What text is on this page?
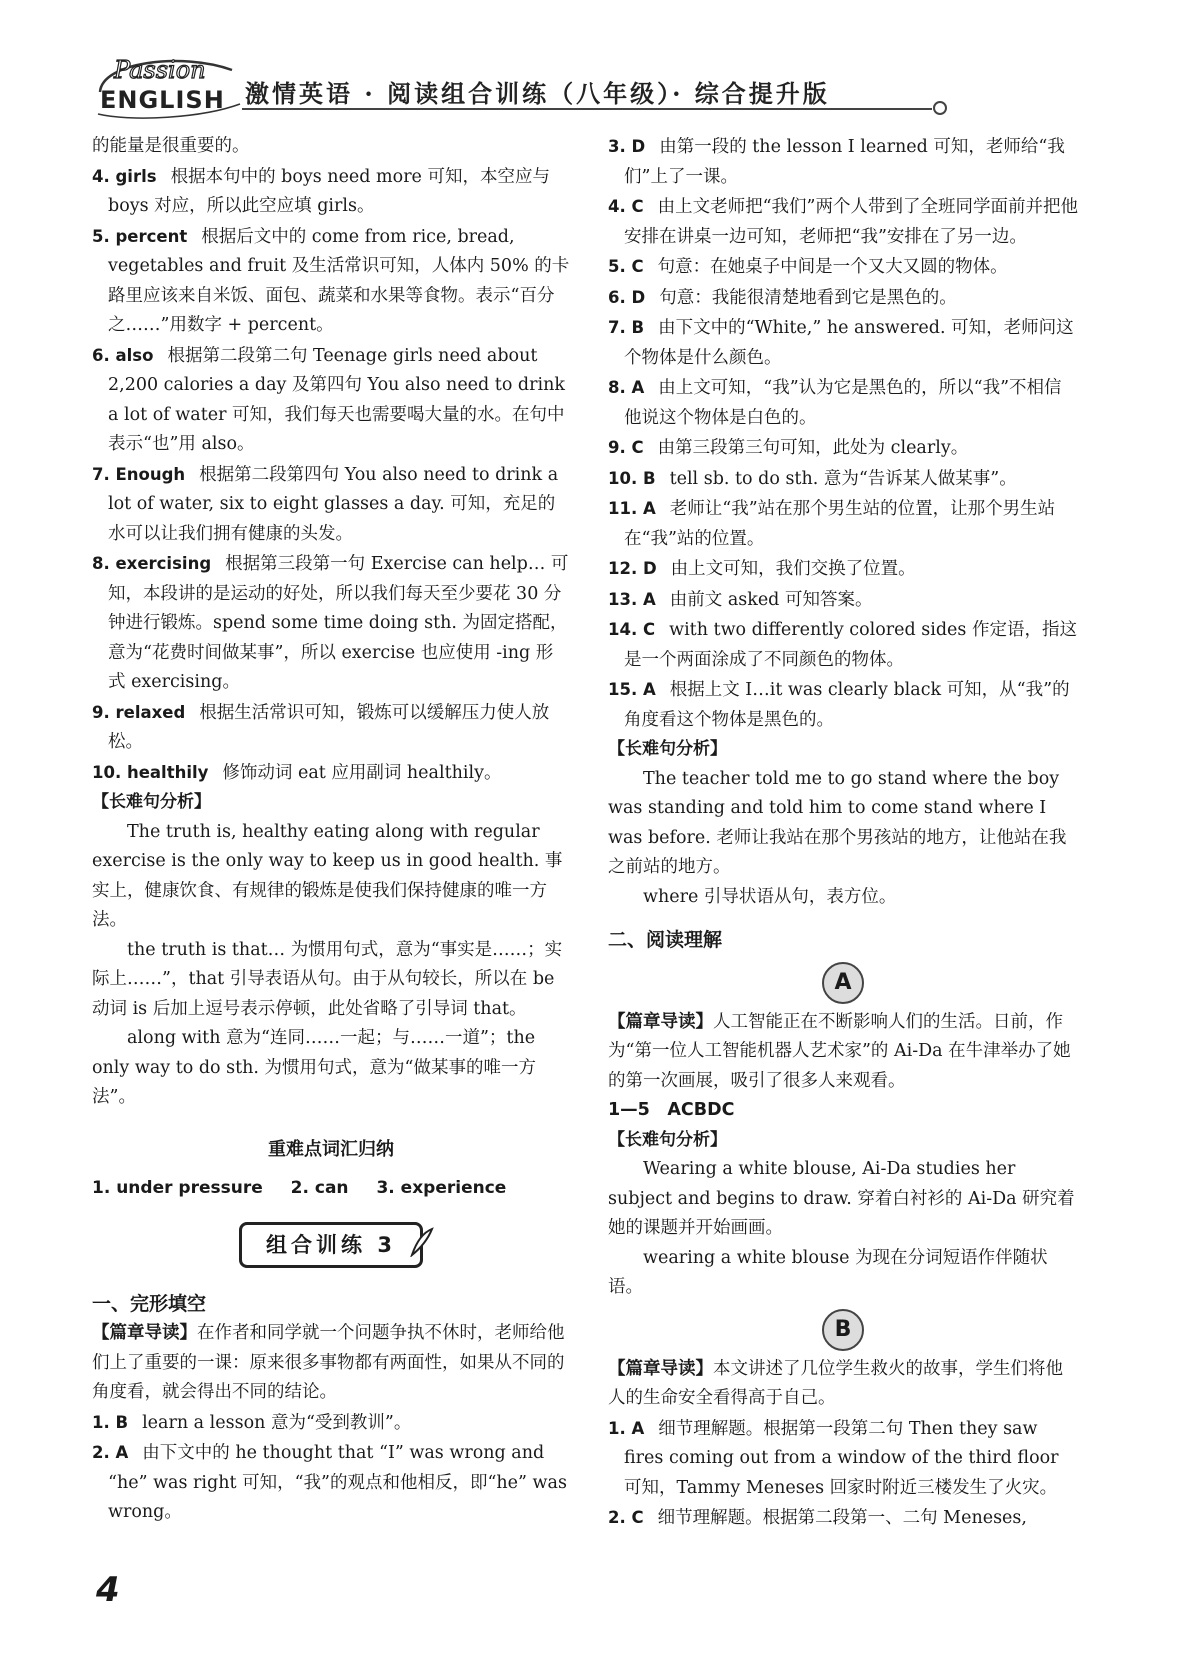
Passion
ENGLISH 激情英语 · 阅读组合训练（八年级）· 综合提升版

的能量是很重要的。

4. girls 根据本句中的 boys need more 可知，本空应与 boys 对应，所以此空应填 girls。
5. percent 根据后文中的 come from rice, bread, vegetables and fruit 及生活常识可知，人体内 50% 的卡路里应该来自米饭、面包、蔬菜和水果等食物。表示“百分之……”用数字 + percent。
6. also 根据第二段第二句 Teenage girls need about 2,200 calories a day 及第四句 You also need to drink a lot of water 可知，我们每天也需要喝大量的水。在句中表示“也”用 also。
7. Enough 根据第二段第四句 You also need to drink a lot of water, six to eight glasses a day. 可知，充足的水可以让我们拥有健康的头发。
8. exercising 根据第三段第一句 Exercise can help… 可知，本段讲的是运动的好处，所以我们每天至少要花 30 分钟进行锻炼。spend some time doing sth. 为固定搭配，意为“花费时间做某事”，所以 exercise 也应使用 -ing 形式 exercising。
9. relaxed 根据生活常识可知，锻炼可以缓解压力使人放松。
10. healthily 修饰动词 eat 应用副词 healthily。

【长难句分析】

The truth is, healthy eating along with regular exercise is the only way to keep us in good health. 事实上，健康饮食、有规律的锻炼是使我们保持健康的唯一方法。

the truth is that… 为惯用句式，意为“事实是……；实际上……”，that 引导表语从句。由于从句较长，所以在 be 动词 is 后加上逗号表示停顿，此处省略了引导词 that。

along with 意为“连同……一起；与……一道”；the only way to do sth. 为惯用句式，意为“做某事的唯一方法”。

重难点词汇归纳
1. under pressure 2. can 3. experience
组合训练 3

一、完形填空

【篇章导读】在作者和同学就一个问题争执不休时，老师给他们上了重要的一课：原来很多事物都有两面性，如果从不同的角度看，就会得出不同的结论。

1. B learn a lesson 意为“受到教训”。
2. A 由下文中的 he thought that “I” was wrong and “he” was right 可知，“我”的观点和他相反，即“he” was wrong。
3. D 由第一段的 the lesson I learned 可知，老师给“我们”上了一课。
4. C 由上文老师把“我们”两个人带到了全班同学面前并把他安排在讲桌一边可知，老师把“我”安排在了另一边。
5. C 句意：在她桌子中间是一个又大又圆的物体。
6. D 句意：我能很清楚地看到它是黑色的。
7. B 由下文中的“White,” he answered. 可知，老师问这个物体是什么颜色。
8. A 由上文可知，“我”认为它是黑色的，所以“我”不相信他说这个物体是白色的。
9. C 由第三段第三句可知，此处为 clearly。
10. B tell sb. to do sth. 意为“告诉某人做某事”。
11. A 老师让“我”站在那个男生站的位置，让那个男生站在“我”站的位置。
12. D 由上文可知，我们交换了位置。
13. A 由前文 asked 可知答案。
14. C with two differently colored sides 作定语，指这是一个两面涂成了不同颜色的物体。
15. A 根据上文 I…it was clearly black 可知，从“我”的角度看这个物体是黑色的。

【长难句分析】

The teacher told me to go stand where the boy was standing and told him to come stand where I was before. 老师让我站在那个男孩站的地方，让他站在我之前站的地方。

where 引导状语从句，表方位。

二、阅读理解

A

【篇章导读】人工智能正在不断影响人们的生活。日前，作为“第一位人工智能机器人艺术家”的 Ai-Da 在牛津举办了她的第一次画展，吸引了很多人来观看。

1—5　ACBDC

【长难句分析】

Wearing a white blouse, Ai-Da studies her subject and begins to draw. 穿着白衬衫的 Ai-Da 研究着她的课题并开始画画。

wearing a white blouse 为现在分词短语作伴随状语。

B

【篇章导读】本文讲述了几位学生救火的故事，学生们将他人的生命安全看得高于自己。

1. A 细节理解题。根据第一段第二句 Then they saw fires coming out from a window of the third floor 可知，Tammy Meneses 回家时附近三楼发生了火灾。
2. C 细节理解题。根据第二段第一、二句 Meneses,
4
